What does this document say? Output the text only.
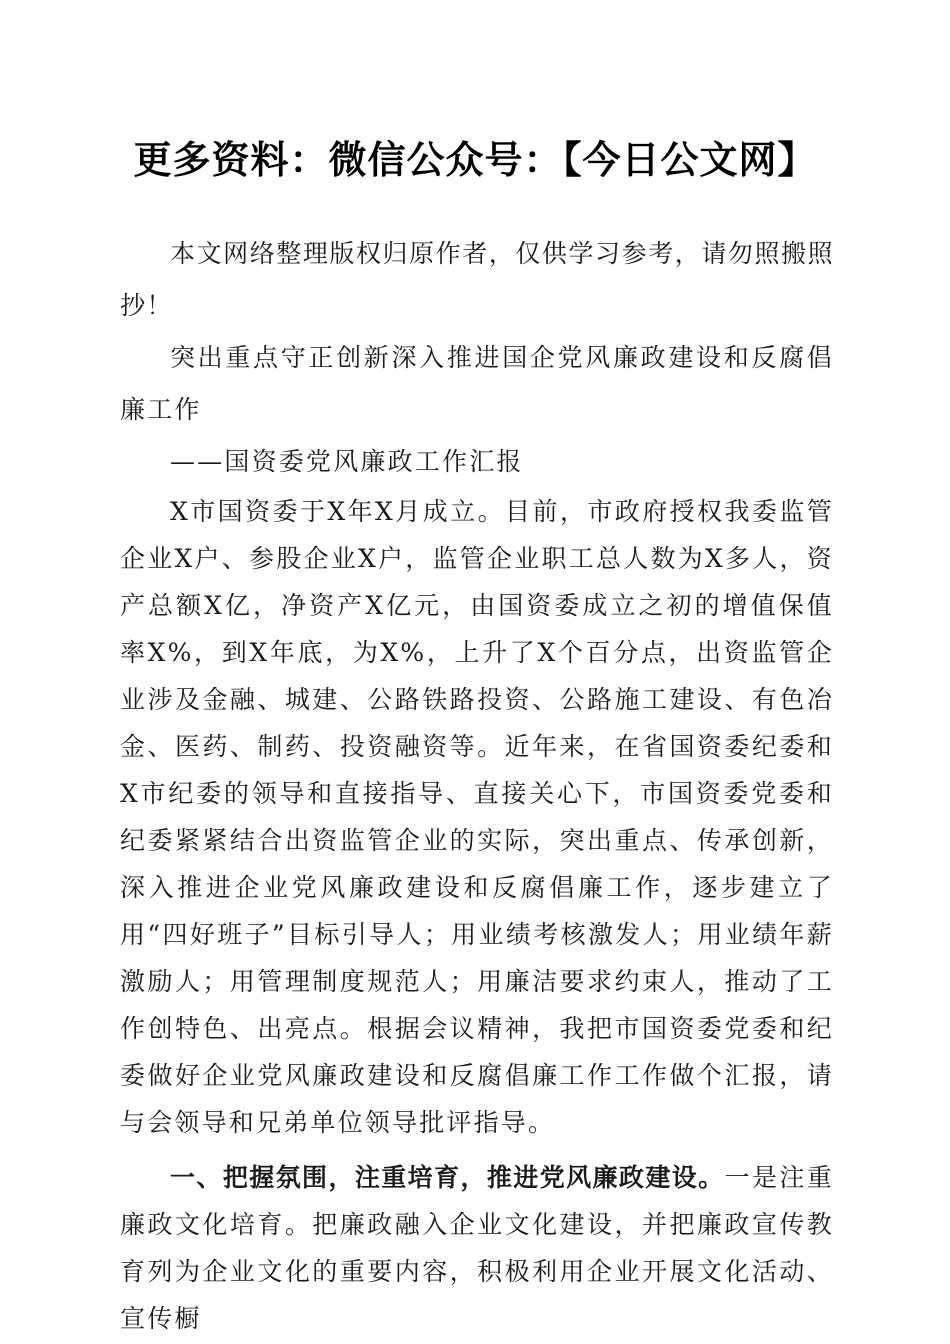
更多资料：微信公众号：【今日公文网】

本文网络整理版权归原作者，仅供学习参考，请勿照搬照抄！

突出重点守正创新深入推进国企党风廉政建设和反腐倡廉工作

——国资委党风廉政工作汇报

X市国资委于X年X月成立。目前，市政府授权我委监管企业X户、参股企业X户，监管企业职工总人数为X多人，资产总额X亿，净资产X亿元，由国资委成立之初的增值保值率X%，到X年底，为X%，上升了X个百分点，出资监管企业涉及金融、城建、公路铁路投资、公路施工建设、有色冶金、医药、制药、投资融资等。近年来，在省国资委纪委和X市纪委的领导和直接指导、直接关心下，市国资委党委和纪委紧紧结合出资监管企业的实际，突出重点、传承创新，深入推进企业党风廉政建设和反腐倡廉工作，逐步建立了用“四好班子”目标引导人；用业绩考核激发人；用业绩年薪激励人；用管理制度规范人；用廉洁要求约束人，推动了工作创特色、出亮点。根据会议精神，我把市国资委党委和纪委做好企业党风廉政建设和反腐倡廉工作工作做个汇报，请与会领导和兄弟单位领导批评指导。

一、把握氛围，注重培育，推进党风廉政建设。一是注重廉政文化培育。把廉政融入企业文化建设，并把廉政宣传教育列为企业文化的重要内容，积极利用企业开展文化活动、宣传橱
